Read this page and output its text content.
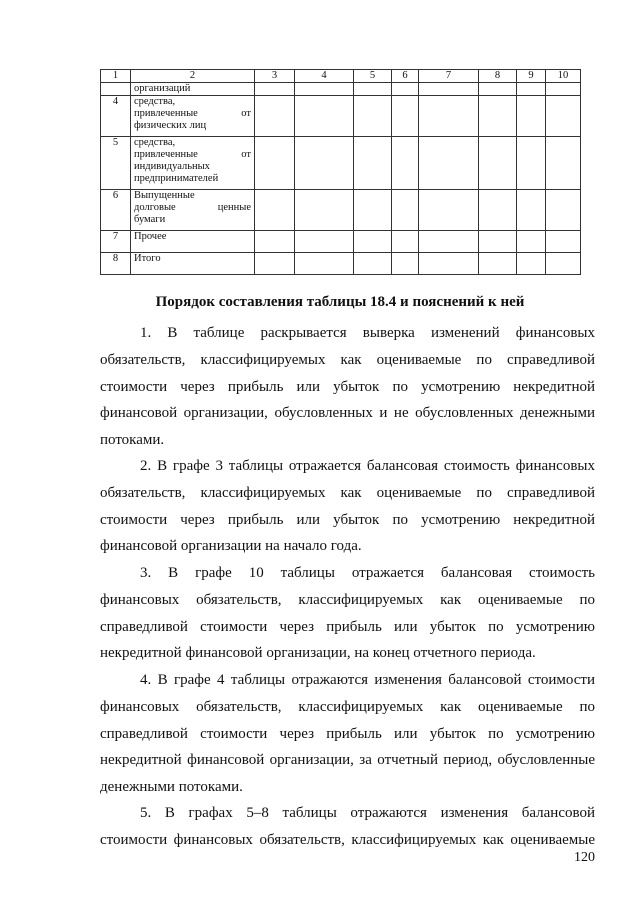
1	2	3	4	5	6	7	8	9	10

	организаций								

4	средства,
привлеченные от
физических лиц								

5	средства,
привлеченные от
индивидуальных
предпринимателей								

6	Выпущенные
долговые ценные
бумаги								

7	Прочее								

8	Итого								

Порядок составления таблицы 18.4 и пояснений к ней
1. В таблице раскрывается выверка изменений финансовых
обязательств, классифицируемых как оцениваемые по справедливой
стоимости через прибыль или убыток по усмотрению некредитной
финансовой организации, обусловленных и не обусловленных денежными
потоками.
2. В графе 3 таблицы отражается балансовая стоимость финансовых
обязательств, классифицируемых как оцениваемые по справедливой
стоимости через прибыль или убыток по усмотрению некредитной
финансовой организации на начало года.
3. В графе 10 таблицы отражается балансовая стоимость
финансовых обязательств, классифицируемых как оцениваемые по
справедливой стоимости через прибыль или убыток по усмотрению
некредитной финансовой организации, на конец отчетного периода.
4. В графе 4 таблицы отражаются изменения балансовой стоимости
финансовых обязательств, классифицируемых как оцениваемые по
справедливой стоимости через прибыль или убыток по усмотрению
некредитной финансовой организации, за отчетный период, обусловленные
денежными потоками.
5. В графах 5–8 таблицы отражаются изменения балансовой
стоимости финансовых обязательств, классифицируемых как оцениваемые
120
